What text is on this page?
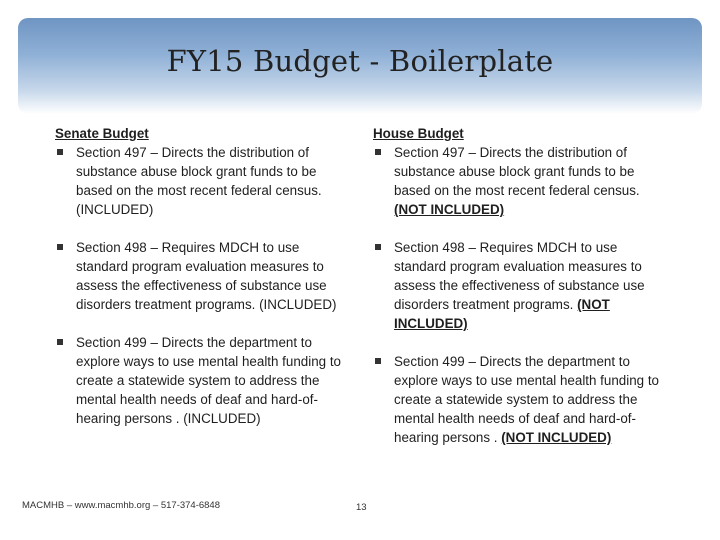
FY15 Budget - Boilerplate

Senate Budget

Section 497 – Directs the distribution of substance abuse block grant funds to be based on the most recent federal census. (INCLUDED)
Section 498 – Requires MDCH to use standard program evaluation measures to assess the effectiveness of substance use disorders treatment programs. (INCLUDED)
Section 499 – Directs the department to explore ways to use mental health funding to create a statewide system to address the mental health needs of deaf and hard-of-hearing persons . (INCLUDED)

House Budget

Section 497 – Directs the distribution of substance abuse block grant funds to be based on the most recent federal census. (NOT INCLUDED)
Section 498 – Requires MDCH to use standard program evaluation measures to assess the effectiveness of substance use disorders treatment programs. (NOT INCLUDED)
Section 499 – Directs the department to explore ways to use mental health funding to create a statewide system to address the mental health needs of deaf and hard-of-hearing persons . (NOT INCLUDED)
MACMHB – www.macmhb.org – 517-374-6848	13
